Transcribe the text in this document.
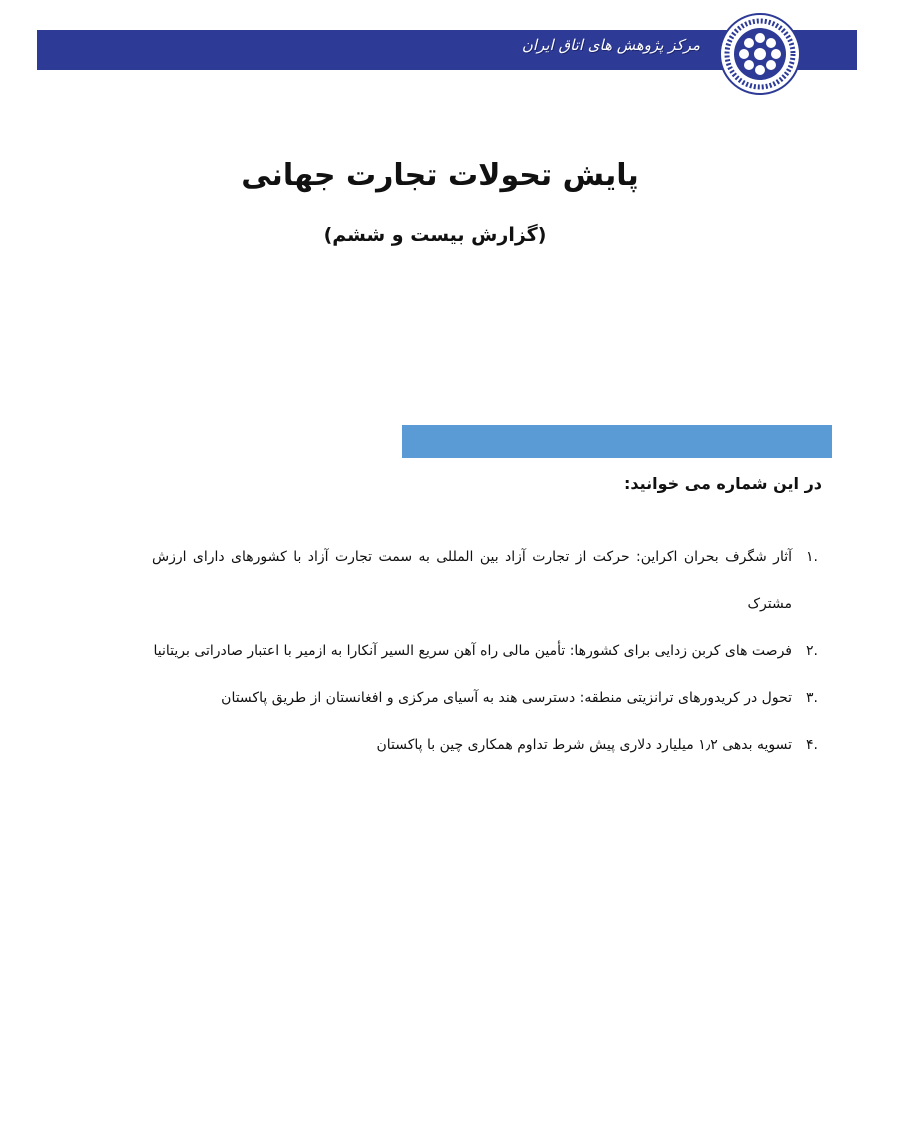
مرکز پژوهش های اتاق ایران
پایش تحولات تجارت جهانی
(گزارش بیست و ششم)
در این شماره می خوانید:
.۱
آثار شگرف بحران اکراین: حرکت از تجارت آزاد بین المللی به سمت تجارت آزاد با کشورهای دارای ارزش مشترک
.۲
فرصت های کربن زدایی برای کشورها: تأمین مالی راه آهن سریع السیر آنکارا به ازمیر با اعتبار صادراتی بریتانیا
.۳
تحول در کریدورهای ترانزیتی منطقه: دسترسی هند به آسیای مرکزی و افغانستان از طریق پاکستان
.۴
تسویه بدهی ۱٫۲ میلیارد دلاری پیش شرط تداوم همکاری چین با پاکستان
